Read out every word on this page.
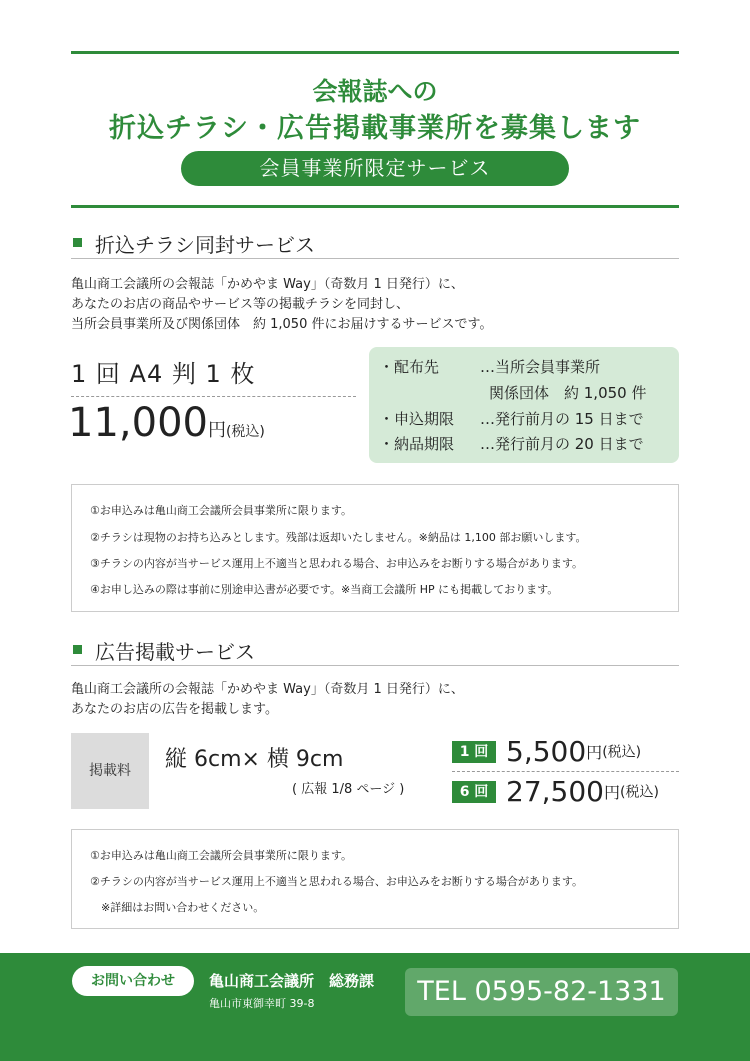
会報誌への
折込チラシ・広告掲載事業所を募集します
会員事業所限定サービス
折込チラシ同封サービス
亀山商工会議所の会報誌「かめやま Way」（奇数月 1 日発行）に、
あなたのお店の商品やサービス等の掲載チラシを同封し、
当所会員事業所及び関係団体　約 1,050 件にお届けするサービスです。
1 回 A4 判 1 枚
11,000円(税込)
・配布先	…当所会員事業所
関係団体　約 1,050 件
・申込期限 …発行前月の 15 日まで
・納品期限 …発行前月の 20 日まで
①お申込みは亀山商工会議所会員事業所に限ります。
②チラシは現物のお持ち込みとします。残部は返却いたしません。※納品は 1,100 部お願いします。
③チラシの内容が当サービス運用上不適当と思われる場合、お申込みをお断りする場合があります。
④お申し込みの際は事前に別途申込書が必要です。※当商工会議所 HP にも掲載しております。
広告掲載サービス
亀山商工会議所の会報誌「かめやま Way」（奇数月 1 日発行）に、
あなたのお店の広告を掲載します。
掲載料	縦 6cm× 横 9cm
( 広報 1/8 ページ )
1 回 5,500円(税込)
6 回 27,500円(税込)
①お申込みは亀山商工会議所会員事業所に限ります。
②チラシの内容が当サービス運用上不適当と思われる場合、お申込みをお断りする場合があります。
　※詳細はお問い合わせください。
お問い合わせ	亀山商工会議所　総務課
亀山市東御幸町 39-8	TEL 0595-82-1331
